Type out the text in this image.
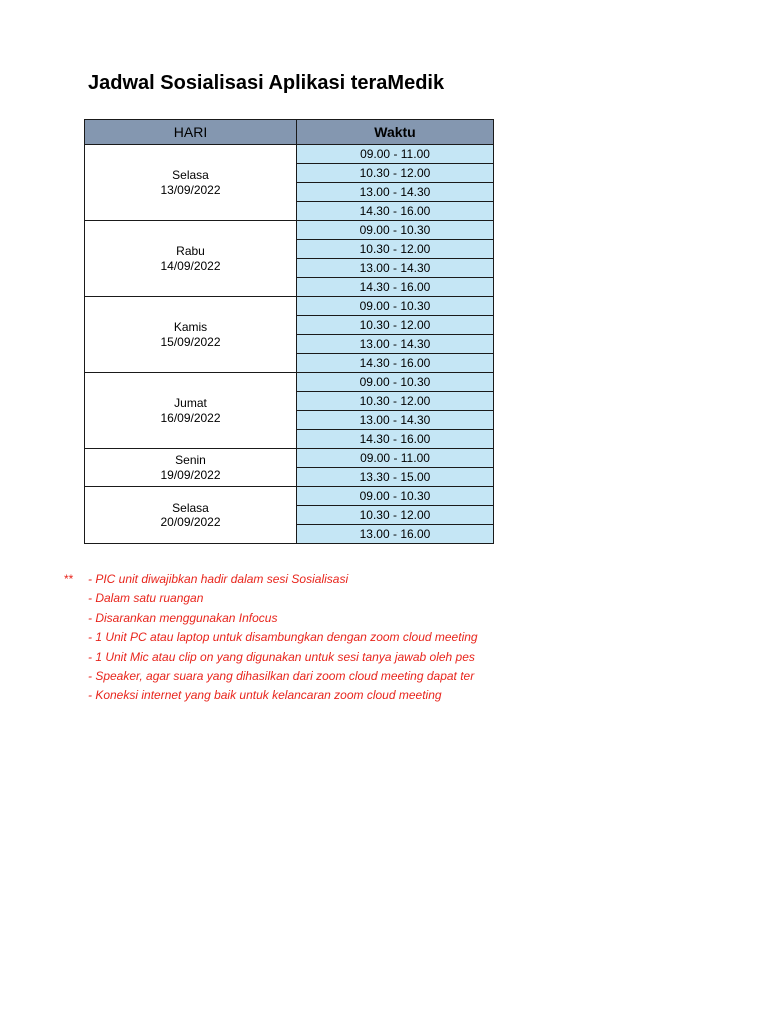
Jadwal Sosialisasi Aplikasi teraMedik
HARI	Waktu

Selasa
13/09/2022	09.00 - 11.00
	10.30 - 12.00
	13.00 - 14.30
	14.30 - 16.00

Rabu
14/09/2022	09.00 - 10.30
	10.30 - 12.00
	13.00 - 14.30
	14.30 - 16.00

Kamis
15/09/2022	09.00 - 10.30
	10.30 - 12.00
	13.00 - 14.30
	14.30 - 16.00

Jumat
16/09/2022	09.00 - 10.30
	10.30 - 12.00
	13.00 - 14.30
	14.30 - 16.00

Senin
19/09/2022	09.00 - 11.00
	13.30 - 15.00

Selasa
20/09/2022	09.00 - 10.30
	10.30 - 12.00
	13.00 - 16.00
** - PIC unit diwajibkan hadir dalam sesi Sosialisasi
- Dalam satu ruangan
- Disarankan menggunakan Infocus
- 1 Unit PC atau laptop untuk disambungkan dengan zoom cloud meeting
- 1 Unit Mic atau clip on yang digunakan untuk sesi tanya jawab oleh pes
- Speaker, agar suara yang dihasilkan dari zoom cloud meeting dapat ter
- Koneksi internet yang baik untuk kelancaran zoom cloud meeting
